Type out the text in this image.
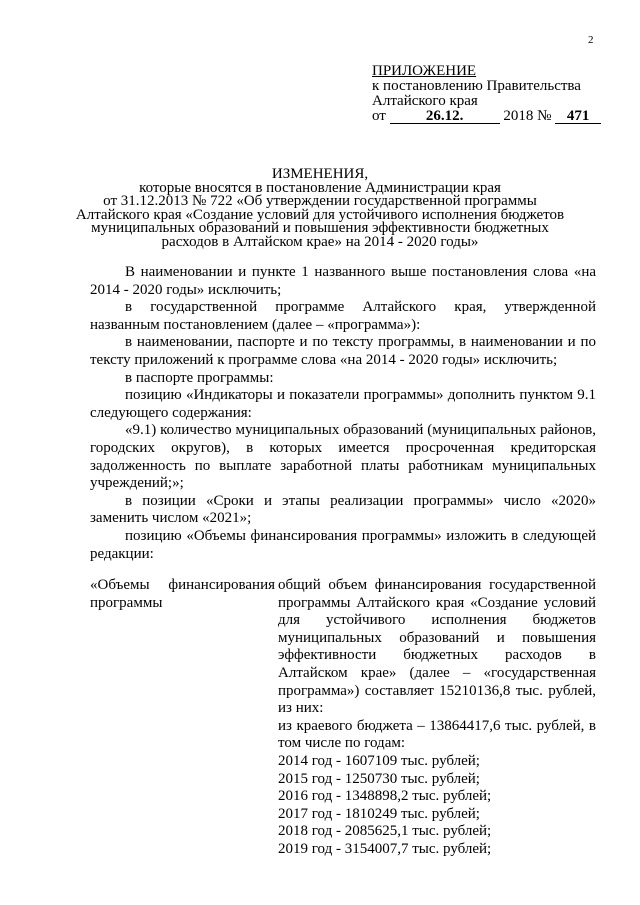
2
ПРИЛОЖЕНИЕ
к постановлению Правительства
Алтайского края
от	26.12.	2018 № 471
ИЗМЕНЕНИЯ,
которые вносятся в постановление Администрации края
от 31.12.2013 № 722 «Об утверждении государственной программы
Алтайского края «Создание условий для устойчивого исполнения бюджетов
муниципальных образований и повышения эффективности бюджетных
расходов в Алтайском крае» на 2014 - 2020 годы»

В наименовании и пункте 1 названного выше постановления слова «на 2014 - 2020 годы» исключить;

в государственной программе Алтайского края, утвержденной названным постановлением (далее – «программа»):

в наименовании, паспорте и по тексту программы, в наименовании и по тексту приложений к программе слова «на 2014 - 2020 годы» исключить;

в паспорте программы:

позицию «Индикаторы и показатели программы» дополнить пунктом 9.1 следующего содержания:

«9.1) количество муниципальных образований (муниципальных районов, городских округов), в которых имеется просроченная кредиторская задолженность по выплате заработной платы работникам муниципальных учреждений;»;

в позиции «Сроки и этапы реализации программы» число «2020» заменить числом «2021»;

позицию «Объемы финансирования программы» изложить в следующей редакции:

«Объемы финансирования
программы

общий объем финансирования государственной программы Алтайского края «Создание условий для устойчивого исполнения бюджетов муниципальных образований и повышения эффективности бюджетных расходов в Алтайском крае» (далее – «государственная программа») составляет 15210136,8 тыс. рублей, из них:

из краевого бюджета – 13864417,6 тыс. рублей, в том числе по годам:

2014 год - 1607109 тыс. рублей;

2015 год - 1250730 тыс. рублей;

2016 год - 1348898,2 тыс. рублей;

2017 год - 1810249 тыс. рублей;

2018 год - 2085625,1 тыс. рублей;

2019 год - 3154007,7 тыс. рублей;
